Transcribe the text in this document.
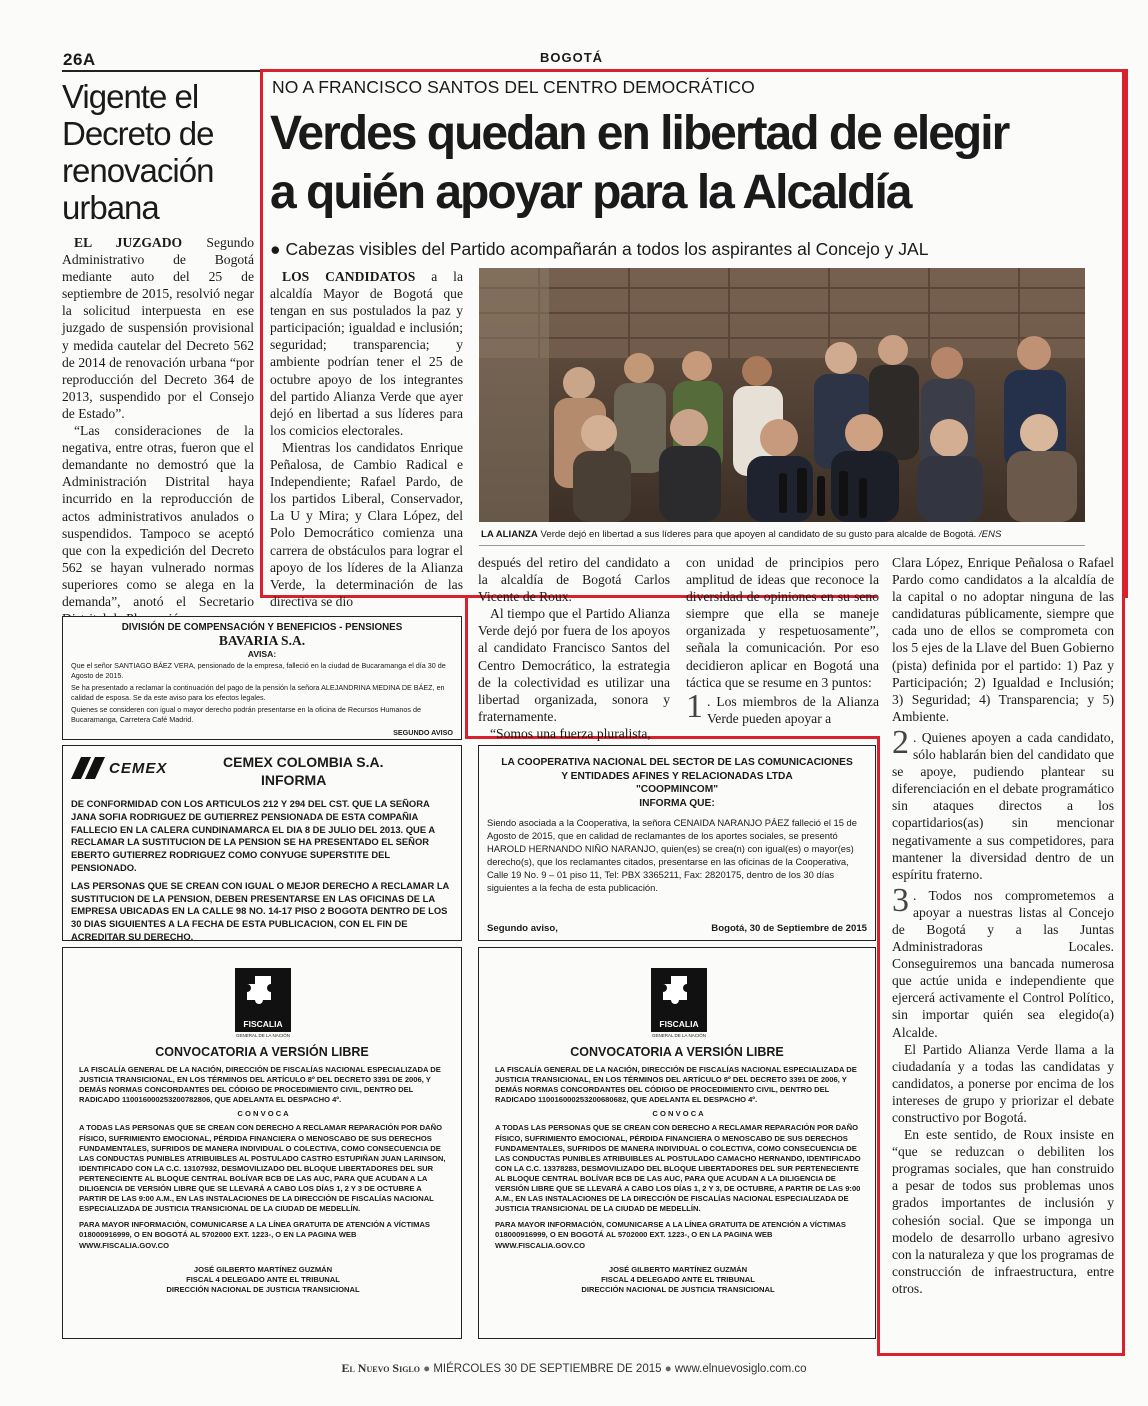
26A	BOGOTÁ
Vigente el Decreto de renovación urbana

EL JUZGADO Segundo Administrativo de Bogotá mediante auto del 25 de septiembre de 2015, resolvió negar la solicitud interpuesta en ese juzgado de suspensión provisional y medida cautelar del Decreto 562 de 2014 de renovación urbana “por reproducción del Decreto 364 de 2013, suspendido por el Consejo de Estado”.

“Las consideraciones de la negativa, entre otras, fueron que el demandante no demostró que la Administración Distrital haya incurrido en la reproducción de actos administrativos anulados o suspendidos. Tampoco se aceptó que con la expedición del Decreto 562 se hayan vulnerado normas superiores como se alega en la demanda”, anotó el Secretario

NO A FRANCISCO SANTOS DEL CENTRO DEMOCRÁTICO
Verdes quedan en libertad de elegir
a quién apoyar para la Alcaldía
● Cabezas visibles del Partido acompañarán a todos los aspirantes al Concejo y JAL

LOS CANDIDATOS a la alcaldía Mayor de Bogotá que tengan en sus postulados la paz y participación; igualdad e inclusión; seguridad; transparencia; y ambiente podrían tener el 25 de octubre apoyo de los integrantes del partido Alianza Verde que ayer dejó en libertad a sus líderes para los comicios electorales.

Mientras los candidatos Enrique Peñalosa, de Cambio Radical e Independiente; Rafael Pardo, de los partidos Liberal, Conservador, La U y Mira; y Clara López, del Polo Democrático comienza una carrera de obstáculos para lograr el apoyo de los líderes de la Alianza Verde, la determinación de las directiva se dio

LA ALIANZA Verde dejó en libertad a sus líderes para que apoyen al candidato de su gusto para alcalde de Bogotá. /ENS

después del retiro del candidato a la alcaldía de Bogotá Carlos Vicente de Roux.

Al tiempo que el Partido Alianza Verde dejó por fuera de los apoyos al candidato Francisco Santos del Centro Democrático, la estrategia de la colectividad es utilizar una libertad organizada, sonora y fraternamente.

“Somos una fuerza pluralista,

con unidad de principios pero amplitud de ideas que reconoce la diversidad de opiniones en su seno siempre que ella se maneje organizada y respetuosamente”, señala la comunicación. Por eso decidieron aplicar en Bogotá una táctica que se resume en 3 puntos:

1 . Los miembros de la Alianza Verde pueden apoyar a

Clara López, Enrique Peñalosa o Rafael Pardo como candidatos a la alcaldía de la capital o no adoptar ninguna de las candidaturas públicamente, siempre que cada uno de ellos se comprometa con los 5 ejes de la Llave del Buen Gobierno (pista) definida por el partido: 1) Paz y Participación; 2) Igualdad e Inclusión; 3) Seguridad; 4) Transparencia; y 5) Ambiente.

2 . Quienes apoyen a cada candidato, sólo hablarán bien del candidato que se apoye, pudiendo plantear su diferenciación en el debate programático sin ataques directos a los copartidarios(as) sin mencionar negativamente a sus competidores, para mantener la diversidad dentro de un espíritu fraterno.

3 . Todos nos comprometemos a apoyar a nuestras listas al Concejo de Bogotá y a las Juntas Administradoras Locales. Conseguiremos una bancada numerosa que actúe unida e independiente que ejercerá activamente el Control Político, sin importar quién sea elegido(a) Alcalde.

El Partido Alianza Verde llama a la ciudadanía y a todas las candidatas y candidatos, a ponerse por encima de los intereses de grupo y priorizar el debate constructivo por Bogotá.

En este sentido, de Roux insiste en “que se reduzcan o debiliten los programas sociales, que han construido a pesar de todos sus problemas unos grados importantes de inclusión y cohesión social. Que se imponga un modelo de desarrollo urbano agresivo con la naturaleza y que los programas de construcción de infraestructura, entre otros.

DIVISIÓN DE COMPENSACIÓN Y BENEFICIOS - PENSIONES
BAVARIA S.A.
AVISA:
Que el señor SANTIAGO BÁEZ VERA, pensionado de la empresa, falleció en la ciudad de Bucaramanga el día 30 de Agosto de 2015.
Se ha presentado a reclamar la continuación del pago de la pensión la señora ALEJANDRINA MEDINA DE BÁEZ, en calidad de esposa. Se da este aviso para los efectos legales.
Quienes se consideren con igual o mayor derecho podrán presentarse en la oficina de Recursos Humanos de Bucaramanga, Carretera Café Madrid.
SEGUNDO AVISO
CEMEX	CEMEX COLOMBIA S.A.
INFORMA
DE CONFORMIDAD CON LOS ARTICULOS 212 Y 294 DEL CST. QUE LA SEÑORA JANA SOFIA RODRIGUEZ DE GUTIERREZ PENSIONADA DE ESTA COMPAÑIA FALLECIO EN LA CALERA CUNDINAMARCA EL DIA 8 DE JULIO DEL 2013. QUE A RECLAMAR LA SUSTITUCION DE LA PENSION SE HA PRESENTADO EL SEÑOR EBERTO GUTIERREZ RODRIGUEZ COMO CONYUGE SUPERSTITE DEL PENSIONADO.
LAS PERSONAS QUE SE CREAN CON IGUAL O MEJOR DERECHO A RECLAMAR LA SUSTITUCION DE LA PENSION, DEBEN PRESENTARSE EN LAS OFICINAS DE LA EMPRESA UBICADAS EN LA CALLE 98 NO. 14-17 PISO 2 BOGOTA DENTRO DE LOS 30 DIAS SIGUIENTES A LA FECHA DE ESTA PUBLICACION, CON EL FIN DE ACREDITAR SU DERECHO.
LA COOPERATIVA NACIONAL DEL SECTOR DE LAS COMUNICACIONES
Y ENTIDADES AFINES Y RELACIONADAS LTDA
"COOPMINCOM"
INFORMA QUE:
Siendo asociada a la Cooperativa, la señora CENAIDA NARANJO PÁEZ falleció el 15 de Agosto de 2015, que en calidad de reclamantes de los aportes sociales, se presentó HAROLD HERNANDO NIÑO NARANJO, quien(es) se crea(n) con igual(es) o mayor(es) derecho(s), que los reclamantes citados, presentarse en las oficinas de la Cooperativa, Calle 19 No. 9 – 01 piso 11, Tel: PBX 3365211, Fax: 2820175, dentro de los 30 días siguientes a la fecha de esta publicación.
Segundo aviso,	Bogotá, 30 de Septiembre de 2015
FISCALIA
GENERAL DE LA NACIÓN
CONVOCATORIA A VERSIÓN LIBRE
LA FISCALÍA GENERAL DE LA NACIÓN, DIRECCIÓN DE FISCALÍAS NACIONAL ESPECIALIZADA DE JUSTICIA TRANSICIONAL, EN LOS TÉRMINOS DEL ARTÍCULO 8º DEL DECRETO 3391 DE 2006, Y DEMÁS NORMAS CONCORDANTES DEL CÓDIGO DE PROCEDIMIENTO CIVIL, DENTRO DEL RADICADO 110016000253200782806, QUE ADELANTA EL DESPACHO 4º.
C O N V O C A
A TODAS LAS PERSONAS QUE SE CREAN CON DERECHO A RECLAMAR REPARACIÓN POR DAÑO FÍSICO, SUFRIMIENTO EMOCIONAL, PÉRDIDA FINANCIERA O MENOSCABO DE SUS DERECHOS FUNDAMENTALES, SUFRIDOS DE MANERA INDIVIDUAL O COLECTIVA, COMO CONSECUENCIA DE LAS CONDUCTAS PUNIBLES ATRIBUIBLES AL POSTULADO CASTRO ESTUPIÑAN JUAN LARINSON, IDENTIFICADO CON LA C.C. 13107932, DESMOVILIZADO DEL BLOQUE LIBERTADORES DEL SUR PERTENECIENTE AL BLOQUE CENTRAL BOLÍVAR BCB DE LAS AUC, PARA QUE ACUDAN A LA DILIGENCIA DE VERSIÓN LIBRE QUE SE LLEVARÁ A CABO LOS DÍAS 1, 2 Y 3 DE OCTUBRE A PARTIR DE LAS 9:00 A.M., EN LAS INSTALACIONES DE LA DIRECCIÓN DE FISCALÍAS NACIONAL ESPECIALIZADA DE JUSTICIA TRANSICIONAL DE LA CIUDAD DE MEDELLÍN.
PARA MAYOR INFORMACIÓN, COMUNICARSE A LA LÍNEA GRATUITA DE ATENCIÓN A VÍCTIMAS 018000916999, O EN BOGOTÁ AL 5702000 EXT. 1223-, O EN LA PAGINA WEB WWW.FISCALIA.GOV.CO
JOSÉ GILBERTO MARTÍNEZ GUZMÁN
FISCAL 4 DELEGADO ANTE EL TRIBUNAL
DIRECCIÓN NACIONAL DE JUSTICIA TRANSICIONAL
FISCALIA
GENERAL DE LA NACIÓN
CONVOCATORIA A VERSIÓN LIBRE
LA FISCALÍA GENERAL DE LA NACIÓN, DIRECCIÓN DE FISCALÍAS NACIONAL ESPECIALIZADA DE JUSTICIA TRANSICIONAL, EN LOS TÉRMINOS DEL ARTÍCULO 8º DEL DECRETO 3391 DE 2006, Y DEMÁS NORMAS CONCORDANTES DEL CÓDIGO DE PROCEDIMIENTO CIVIL, DENTRO DEL RADICADO 110016000253200680682, QUE ADELANTA EL DESPACHO 4º.
C O N V O C A
A TODAS LAS PERSONAS QUE SE CREAN CON DERECHO A RECLAMAR REPARACIÓN POR DAÑO FÍSICO, SUFRIMIENTO EMOCIONAL, PÉRDIDA FINANCIERA O MENOSCABO DE SUS DERECHOS FUNDAMENTALES, SUFRIDOS DE MANERA INDIVIDUAL O COLECTIVA, COMO CONSECUENCIA DE LAS CONDUCTAS PUNIBLES ATRIBUIBLES AL POSTULADO CAMACHO HERNANDO, IDENTIFICADO CON LA C.C. 13378283, DESMOVILIZADO DEL BLOQUE LIBERTADORES DEL SUR PERTENECIENTE AL BLOQUE CENTRAL BOLÍVAR BCB DE LAS AUC, PARA QUE ACUDAN A LA DILIGENCIA DE VERSIÓN LIBRE QUE SE LLEVARÁ A CABO LOS DÍAS 1, 2 Y 3, DE OCTUBRE, A PARTIR DE LAS 9:00 A.M., EN LAS INSTALACIONES DE LA DIRECCIÓN DE FISCALÍAS NACIONAL ESPECIALIZADA DE JUSTICIA TRANSICIONAL DE LA CIUDAD DE MEDELLÍN.
PARA MAYOR INFORMACIÓN, COMUNICARSE A LA LÍNEA GRATUITA DE ATENCIÓN A VÍCTIMAS 018000916999, O EN BOGOTÁ AL 5702000 EXT. 1223-, O EN LA PAGINA WEB WWW.FISCALIA.GOV.CO
JOSÉ GILBERTO MARTÍNEZ GUZMÁN
FISCAL 4 DELEGADO ANTE EL TRIBUNAL
DIRECCIÓN NACIONAL DE JUSTICIA TRANSICIONAL
El Nuevo Siglo ● MIÉRCOLES 30 DE SEPTIEMBRE DE 2015 ● www.elnuevosiglo.com.co
